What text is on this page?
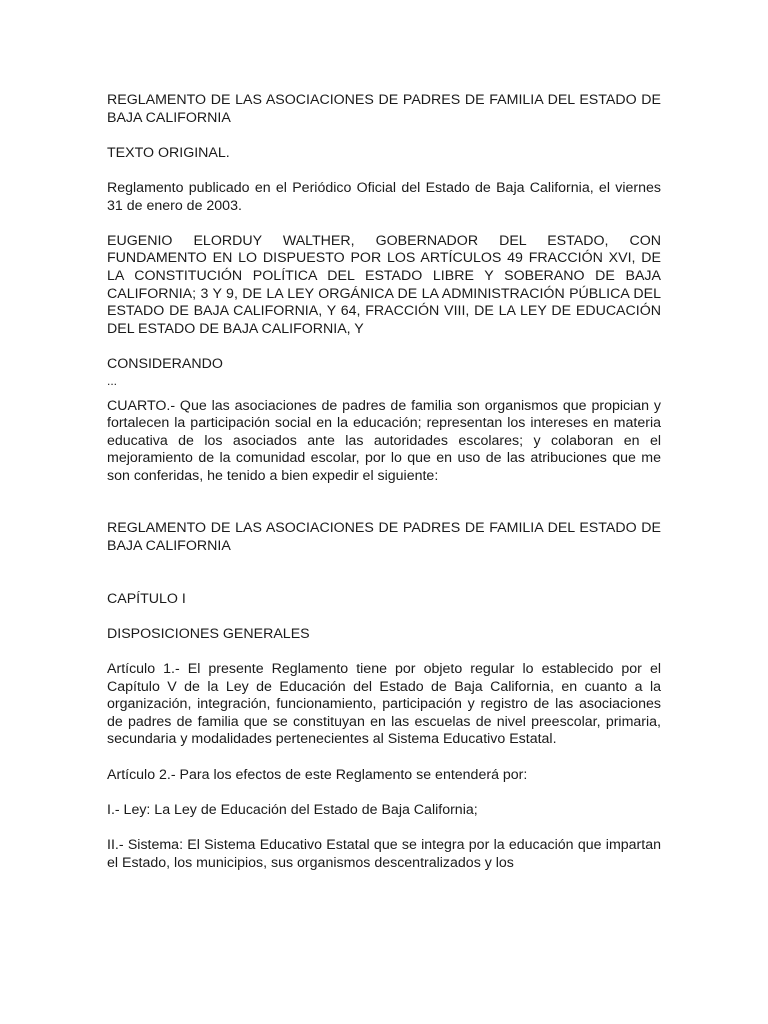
REGLAMENTO DE LAS ASOCIACIONES DE PADRES DE FAMILIA DEL ESTADO DE BAJA CALIFORNIA

TEXTO ORIGINAL.

Reglamento publicado en el Periódico Oficial del Estado de Baja California, el viernes 31 de enero de 2003.

EUGENIO ELORDUY WALTHER, GOBERNADOR DEL ESTADO, CON FUNDAMENTO EN LO DISPUESTO POR LOS ARTÍCULOS 49 FRACCIÓN XVI, DE LA CONSTITUCIÓN POLÍTICA DEL ESTADO LIBRE Y SOBERANO DE BAJA CALIFORNIA; 3 Y 9, DE LA LEY ORGÁNICA DE LA ADMINISTRACIÓN PÚBLICA DEL ESTADO DE BAJA CALIFORNIA, Y 64, FRACCIÓN VIII, DE LA LEY DE EDUCACIÓN DEL ESTADO DE BAJA CALIFORNIA, Y

CONSIDERANDO

...

CUARTO.- Que las asociaciones de padres de familia son organismos que propician y fortalecen la participación social en la educación; representan los intereses en materia educativa de los asociados ante las autoridades escolares; y colaboran en el mejoramiento de la comunidad escolar, por lo que en uso de las atribuciones que me son conferidas, he tenido a bien expedir el siguiente:

REGLAMENTO DE LAS ASOCIACIONES DE PADRES DE FAMILIA DEL ESTADO DE BAJA CALIFORNIA

CAPÍTULO I

DISPOSICIONES GENERALES

Artículo 1.- El presente Reglamento tiene por objeto regular lo establecido por el Capítulo V de la Ley de Educación del Estado de Baja California, en cuanto a la organización, integración, funcionamiento, participación y registro de las asociaciones de padres de familia que se constituyan en las escuelas de nivel preescolar, primaria, secundaria y modalidades pertenecientes al Sistema Educativo Estatal.

Artículo 2.- Para los efectos de este Reglamento se entenderá por:

I.- Ley: La Ley de Educación del Estado de Baja California;

II.- Sistema: El Sistema Educativo Estatal que se integra por la educación que impartan el Estado, los municipios, sus organismos descentralizados y los
